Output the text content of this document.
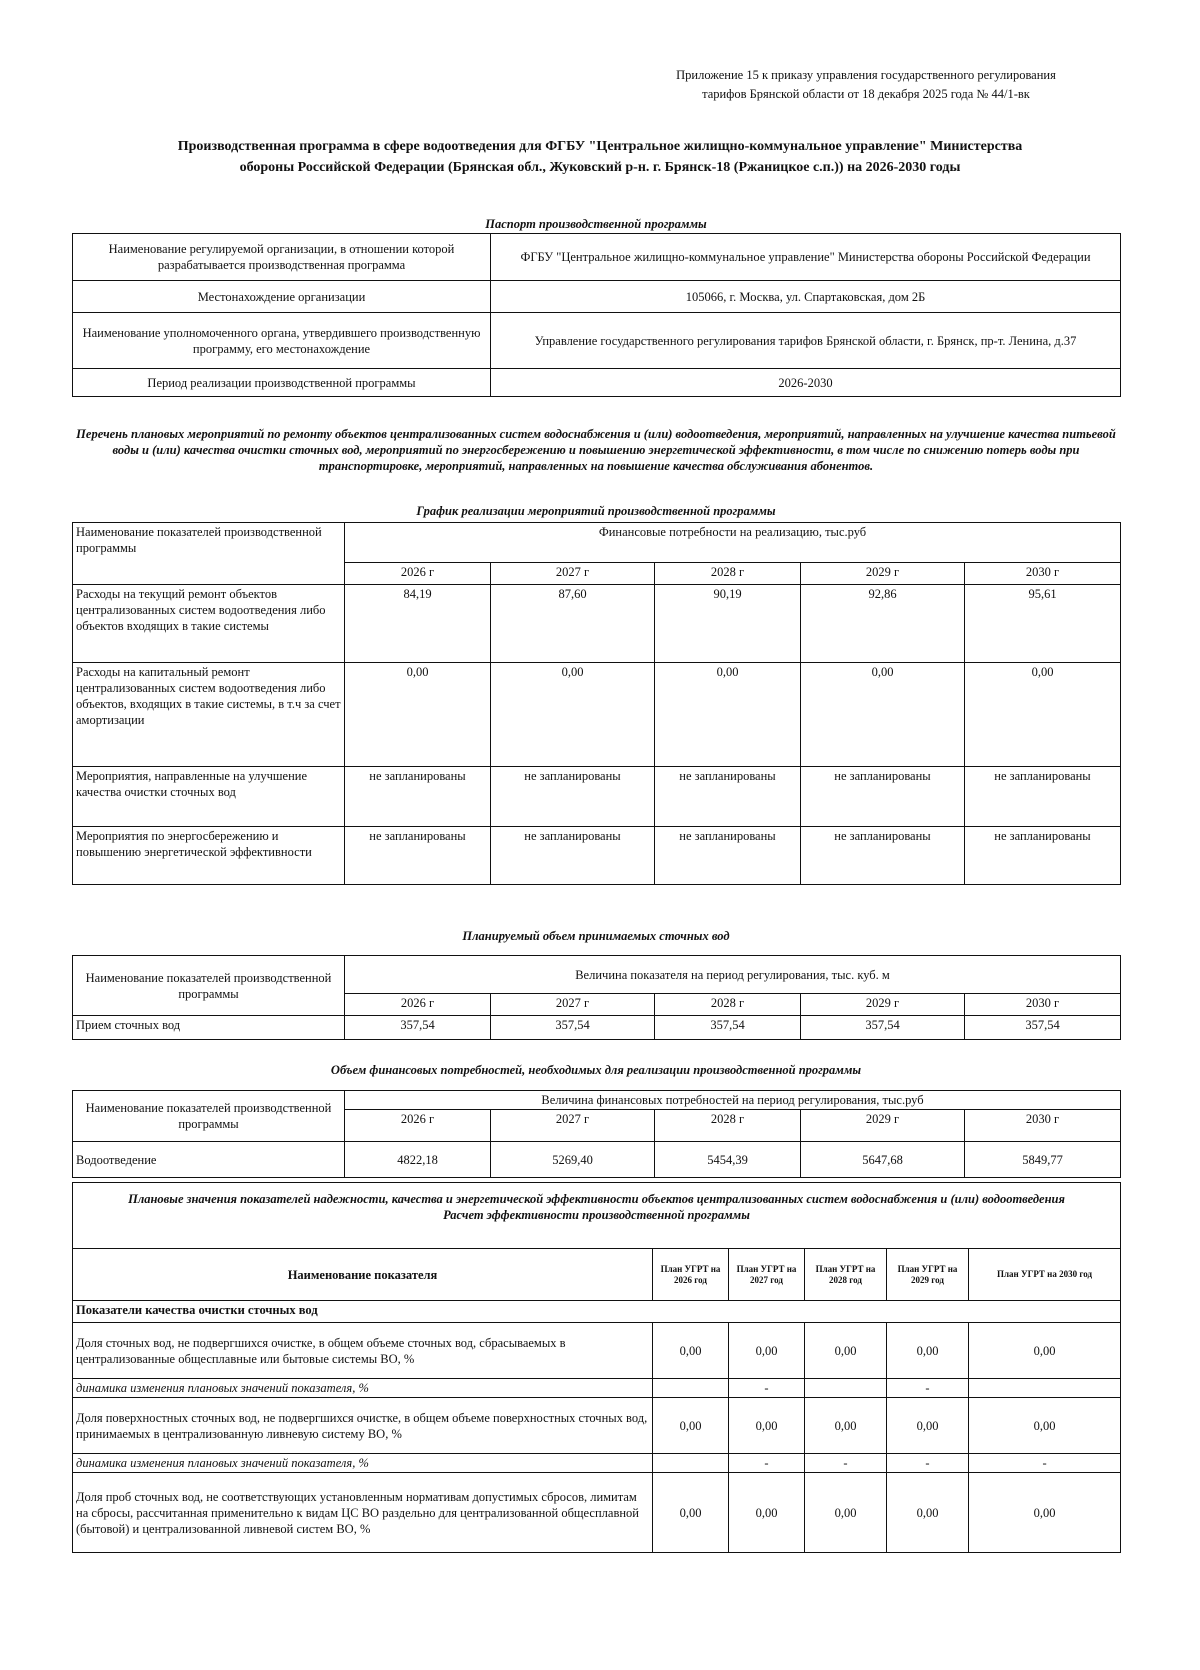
Приложение 15 к приказу управления государственного регулирования
тарифов Брянской области от 18 декабря 2025 года № 44/1-вк
Производственная программа в сфере водоотведения для ФГБУ "Центральное жилищно-коммунальное управление" Министерства
обороны Российской Федерации (Брянская обл., Жуковский р-н. г. Брянск-18 (Ржаницкое с.п.)) на 2026-2030 годы
Паспорт производственной программы
Наименование регулируемой организации, в отношении которой разрабатывается производственная программа	ФГБУ "Центральное жилищно-коммунальное управление" Министерства обороны Российской Федерации
Местонахождение организации	105066, г. Москва, ул. Спартаковская, дом 2Б
Наименование уполномоченного органа, утвердившего производственную программу, его местонахождение	Управление государственного регулирования тарифов Брянской области, г. Брянск, пр-т. Ленина, д.37
Период реализации производственной программы	2026-2030
Перечень плановых мероприятий по ремонту объектов централизованных систем водоснабжения и (или) водоотведения, мероприятий, направленных на улучшение качества питьевой воды и (или) качества очистки сточных вод, мероприятий по энергосбережению и повышению энергетической эффективности, в том числе по снижению потерь воды при транспортировке, мероприятий, направленных на повышение качества обслуживания абонентов.
График реализации мероприятий производственной программы
Наименование показателей производственной программы	Финансовые потребности на реализацию, тыс.руб				
	2026 г	2027 г	2028 г	2029 г	2030 г
Расходы на текущий ремонт объектов централизованных систем водоотведения либо объектов входящих в такие системы	84,19	87,60	90,19	92,86	95,61
Расходы на капитальный ремонт централизованных систем водоотведения либо объектов, входящих в такие системы, в т.ч за счет амортизации	0,00	0,00	0,00	0,00	0,00
Мероприятия, направленные на улучшение качества очистки сточных вод	не запланированы	не запланированы	не запланированы	не запланированы	не запланированы
Мероприятия по энергосбережению и повышению энергетической эффективности	не запланированы	не запланированы	не запланированы	не запланированы	не запланированы
Планируемый объем принимаемых сточных вод
Наименование показателей производственной программы	Величина показателя на период регулирования, тыс. куб. м				
	2026 г	2027 г	2028 г	2029 г	2030 г
Прием сточных вод	357,54	357,54	357,54	357,54	357,54
Объем финансовых потребностей, необходимых для реализации производственной программы
Наименование показателей производственной программы	Величина финансовых потребностей на период регулирования, тыс.руб				
	2026 г	2027 г	2028 г	2029 г	2030 г
Водоотведение	4822,18	5269,40	5454,39	5647,68	5849,77
Плановые значения показателей надежности, качества и энергетической эффективности объектов централизованных систем водоснабжения и (или) водоотведения
Расчет эффективности производственной программы					

Наименование показателя	План УГРТ на 2026 год	План УГРТ на 2027 год	План УГРТ на 2028 год	План УГРТ на 2029 год	План УГРТ на 2030 год
Показатели качества очистки сточных вод					
Доля сточных вод, не подвергшихся очистке, в общем объеме сточных вод, сбрасываемых в централизованные общесплавные или бытовые системы ВО, %	0,00	0,00	0,00	0,00	0,00
динамика изменения плановых значений показателя, %		-		-	
Доля поверхностных сточных вод, не подвергшихся очистке, в общем объеме поверхностных сточных вод, принимаемых в централизованную ливневую систему ВО, %	0,00	0,00	0,00	0,00	0,00
динамика изменения плановых значений показателя, %		-	-	-	-
Доля проб сточных вод, не соответствующих установленным нормативам допустимых сбросов, лимитам на сбросы, рассчитанная применительно к видам ЦС ВО раздельно для централизованной общесплавной (бытовой) и централизованной ливневой систем ВО, %	0,00	0,00	0,00	0,00	0,00
